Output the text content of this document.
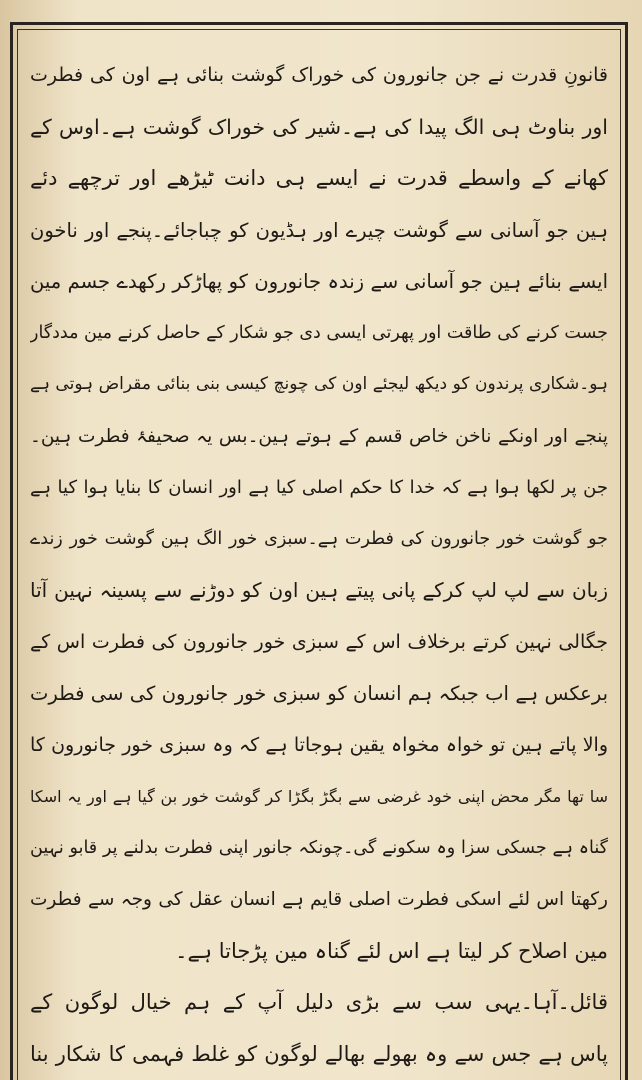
قانونِ قدرت نے جن جانورون کی خوراک گوشت بنائی ہے اون کی فطرت
اور بناوٹ ہی الگ پیدا کی ہے۔شیر کی خوراک گوشت ہے۔اوس کے
کھانے کے واسطے قدرت نے ایسے ہی دانت ٹیڑھے اور ترچھے دئے
ہین جو آسانی سے گوشت چیرے اور ہڈیون کو چباجائے۔پنجے اور ناخون
ایسے بنائے ہین جو آسانی سے زندہ جانورون کو پھاڑکر رکھدے جسم مین
جست کرنے کی طاقت اور پھرتی ایسی دی جو شکار کے حاصل کرنے مین مددگار
ہو۔شکاری پرندون کو دیکھ لیجئے اون کی چونچ کیسی بنی بنائی مقراض ہوتی ہے
پنجے اور اونکے ناخن خاص قسم کے ہوتے ہین۔بس یہ صحیفۂ فطرت ہین۔
جن پر لکھا ہوا ہے کہ خدا کا حکم اصلی کیا ہے اور انسان کا بنایا ہوا کیا ہے
جو گوشت خور جانورون کی فطرت ہے۔سبزی خور الگ ہین گوشت خور زندے
زبان سے لپ لپ کرکے پانی پیتے ہین اون کو دوڑنے سے پسینہ نہین آتا
جگالی نہین کرتے برخلاف اس کے سبزی خور جانورون کی فطرت اس کے
برعکس ہے اب جبکہ ہم انسان کو سبزی خور جانورون کی سی فطرت
والا پاتے ہین تو خواہ مخواہ یقین ہوجاتا ہے کہ وہ سبزی خور جانورون کا
سا تھا مگر محض اپنی خود غرضی سے بگڑ بگڑا کر گوشت خور بن گیا ہے اور یہ اسکا
گناہ ہے جسکی سزا وہ سکونے گی۔چونکہ جانور اپنی فطرت بدلنے پر قابو نہین
رکھتا اس لئے اسکی فطرت اصلی قایم ہے انسان عقل کی وجہ سے فطرت
مین اصلاح کر لیتا ہے اس لئے گناہ مین پڑجاتا ہے۔
قائل۔آہا۔یہی سب سے بڑی دلیل آپ کے ہم خیال لوگون کے
پاس ہے جس سے وہ بھولے بھالے لوگون کو غلط فہمی کا شکار بنا
